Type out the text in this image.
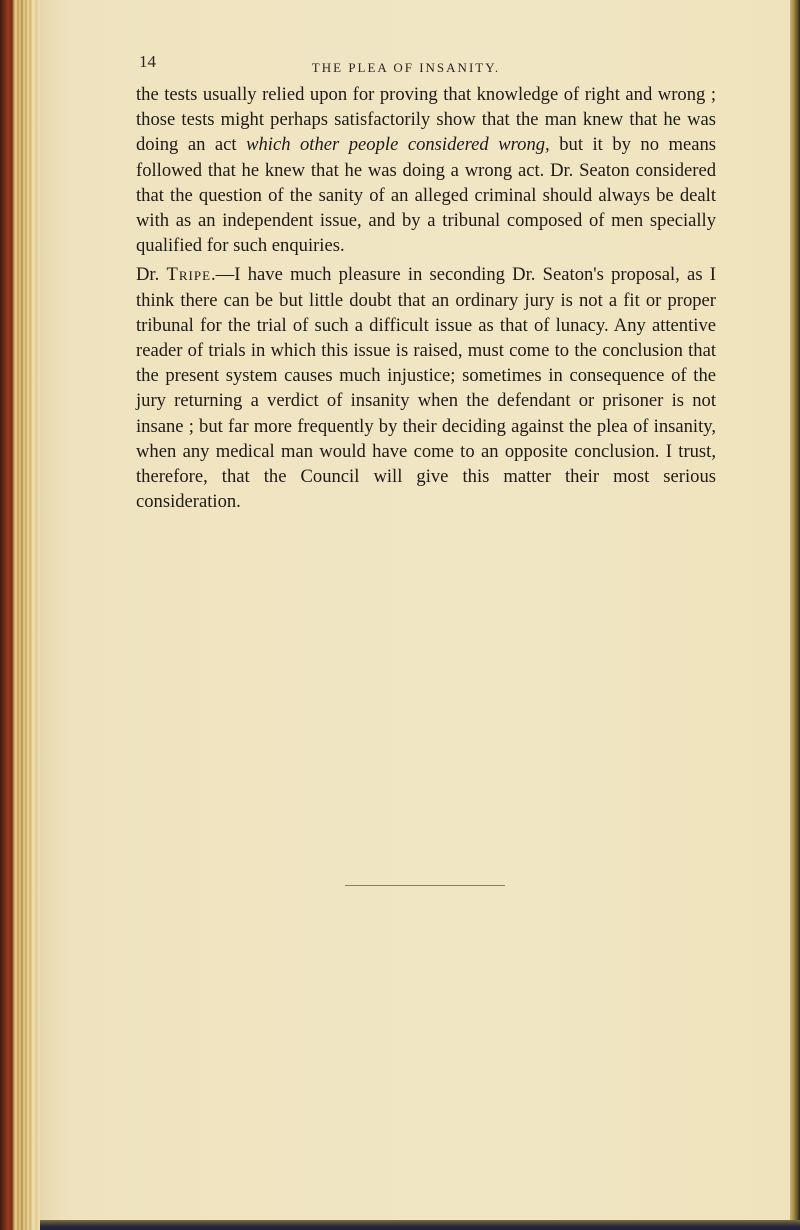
14	THE PLEA OF INSANITY.

the tests usually relied upon for proving that knowledge of right and wrong ; those tests might perhaps satisfactorily show that the man knew that he was doing an act which other people considered wrong, but it by no means followed that he knew that he was doing a wrong act. Dr. Seaton considered that the question of the sanity of an alleged criminal should always be dealt with as an independent issue, and by a tribunal composed of men specially qualified for such enquiries.

Dr. Tripe.—I have much pleasure in seconding Dr. Seaton's proposal, as I think there can be but little doubt that an ordinary jury is not a fit or proper tribunal for the trial of such a difficult issue as that of lunacy. Any attentive reader of trials in which this issue is raised, must come to the conclusion that the present system causes much injustice; sometimes in consequence of the jury returning a verdict of insanity when the defendant or prisoner is not insane ; but far more frequently by their deciding against the plea of insanity, when any medical man would have come to an opposite conclusion. I trust, therefore, that the Council will give this matter their most serious consideration.
